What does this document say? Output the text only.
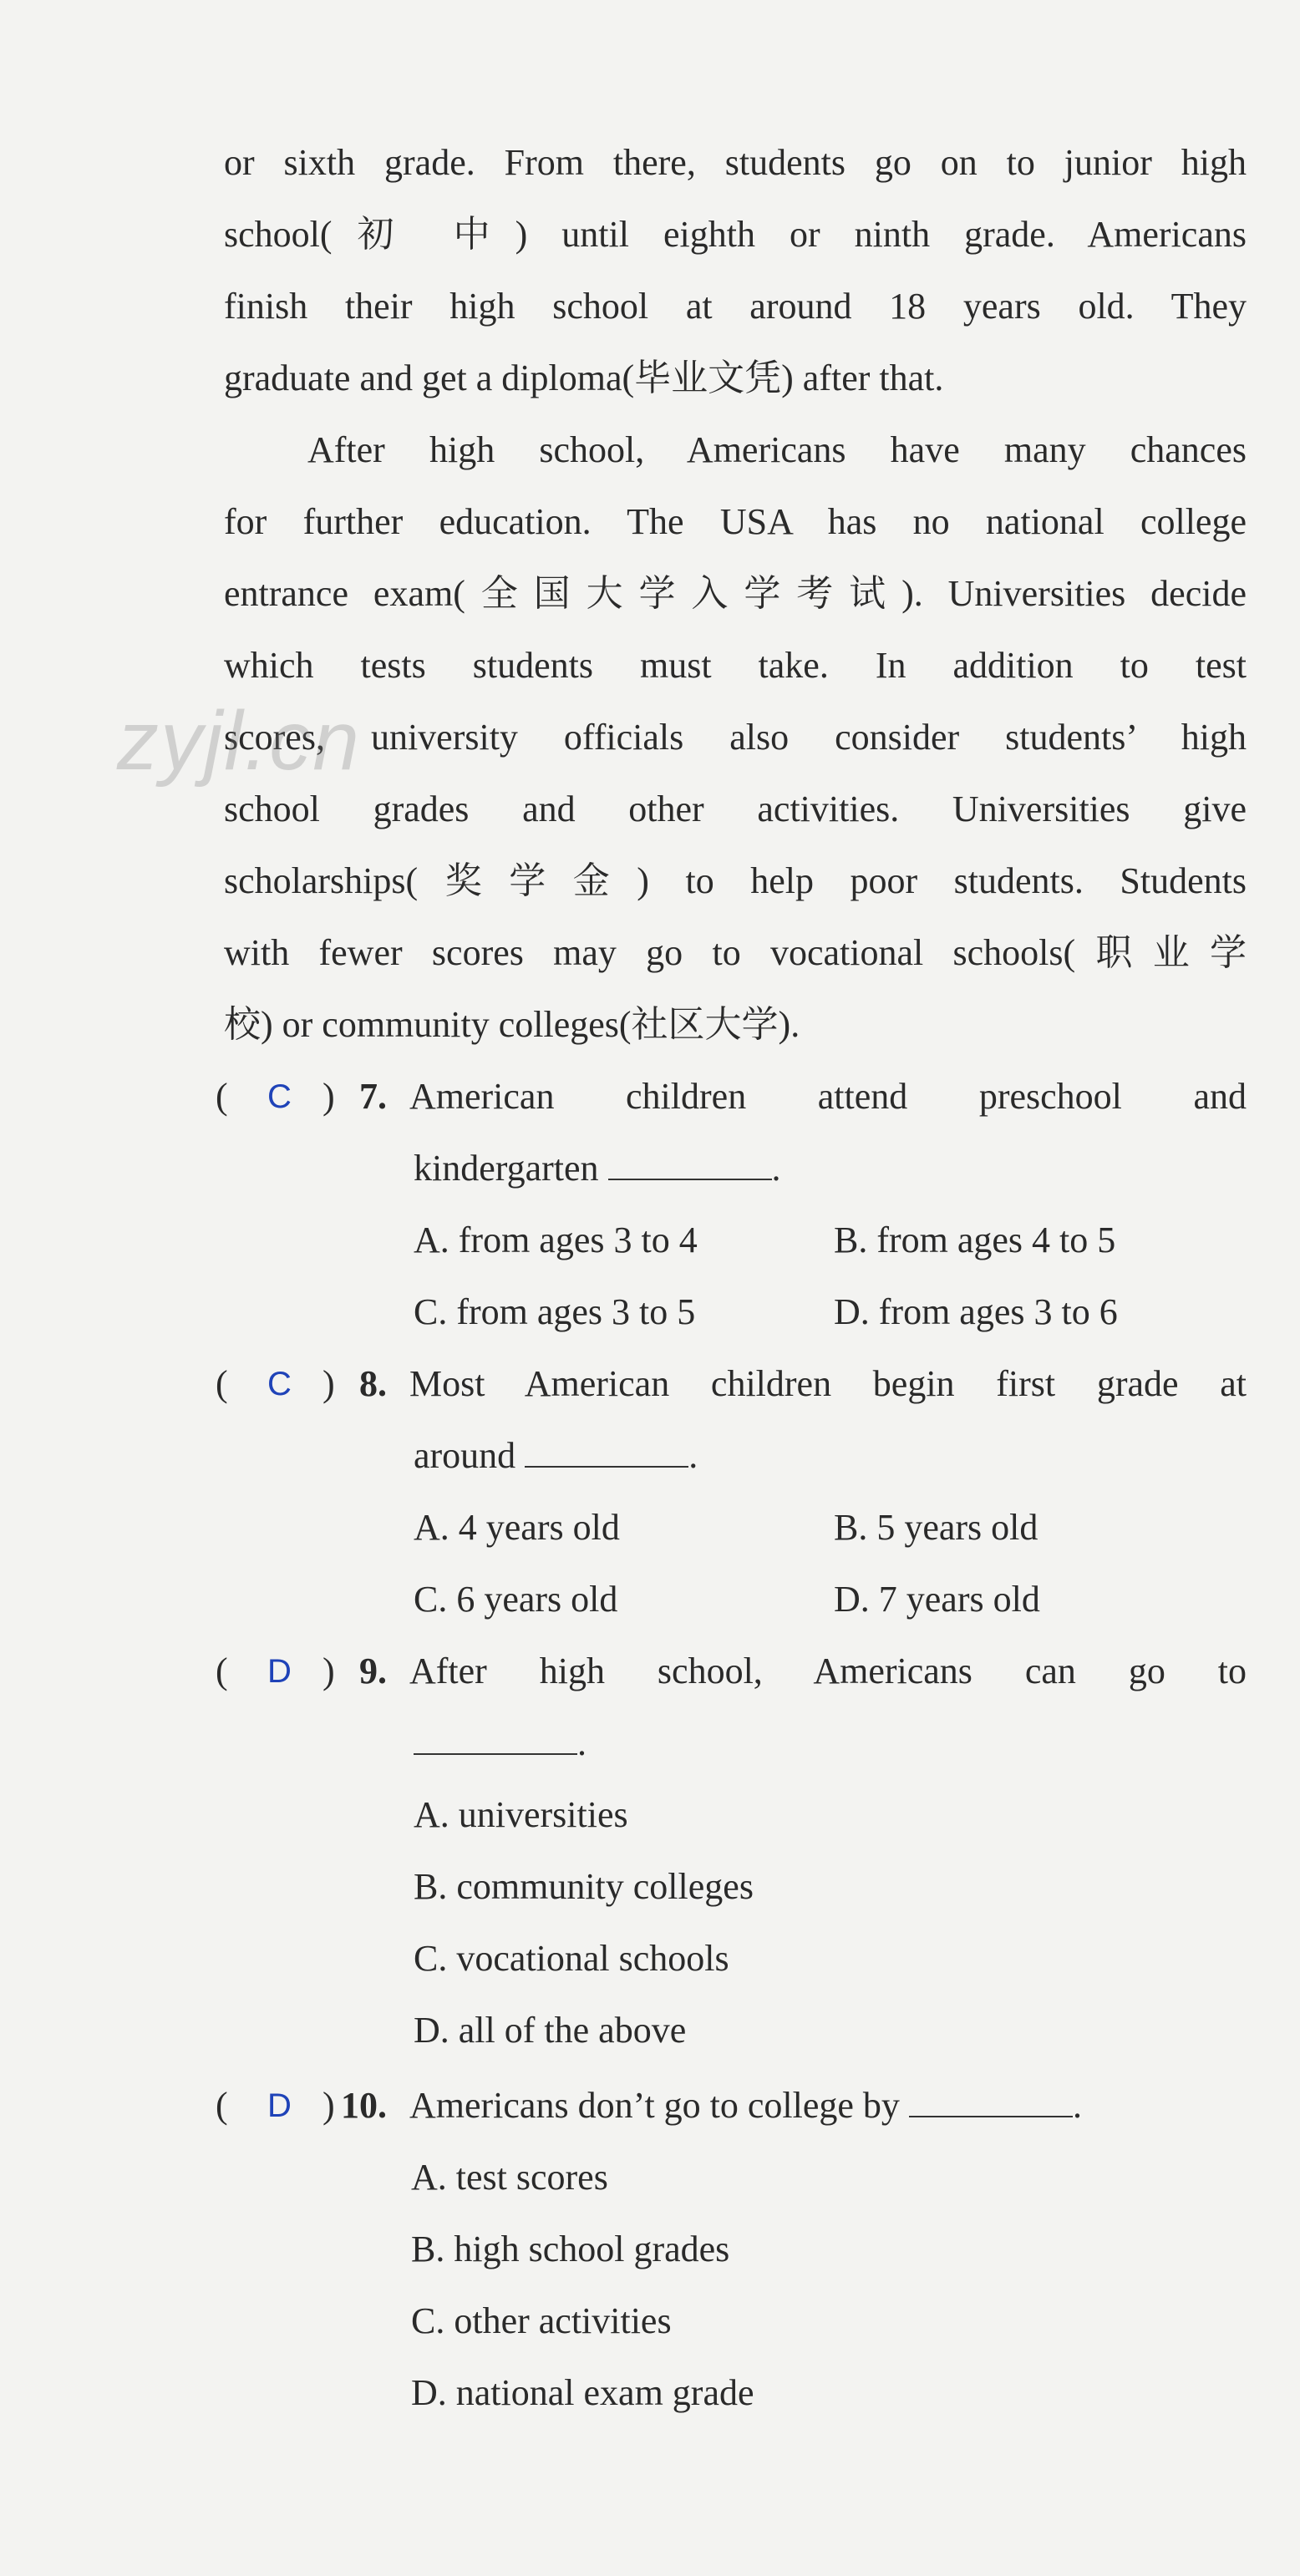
or sixth grade. From there, students go on to junior high
school(初 中) until eighth or ninth grade. Americans
finish their high school at around 18 years old. They
graduate and get a diploma(毕业文凭) after that.
After high school, Americans have many chances
for further education. The USA has no national college
entrance exam(全国大学入学考试). Universities decide
which tests students must take. In addition to test
scores, university officials also consider students’ high
school grades and other activities. Universities give
scholarships(奖学金) to help poor students. Students
with fewer scores may go to vocational schools(职业学
校) or community colleges(社区大学).
zyjl.cn
( C ) 7. American children attend preschool and
kindergarten	.
A. from ages 3 to 4	B. from ages 4 to 5
C. from ages 3 to 5	D. from ages 3 to 6
( C ) 8. Most American children begin first grade at
around	.
A. 4 years old	B. 5 years old
C. 6 years old	D. 7 years old
( D ) 9. After high school, Americans can go to
.
A. universities
B. community colleges
C. vocational schools
D. all of the above
( D ) 10. Americans don’t go to college by	.
A. test scores
B. high school grades
C. other activities
D. national exam grade
